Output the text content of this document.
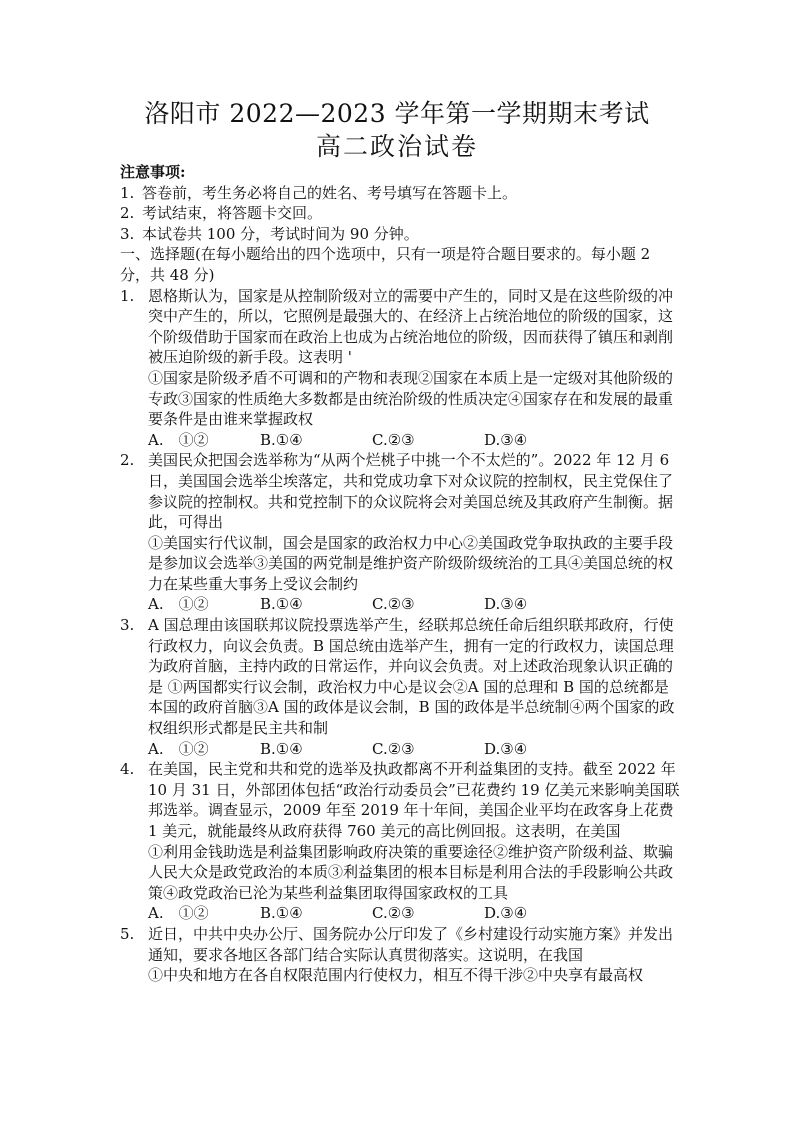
洛阳市 2022—2023 学年第一学期期末考试
高二政治试卷

注意事项:

1. 答卷前，考生务必将自己的姓名、考号填写在答题卡上。

2. 考试结束，将答题卡交回。

3. 本试卷共 100 分，考试时间为 90 分钟。

一、选择题(在每小题给出的四个选项中，只有一项是符合题目要求的。每小题 2 分，共 48 分)

1. 恩格斯认为，国家是从控制阶级对立的需要中产生的，同时又是在这些阶级的冲突中产生的，所以，它照例是最强大的、在经济上占统治地位的阶级的国家，这个阶级借助于国家而在政治上也成为占统治地位的阶级，因而获得了镇压和剥削被压迫阶级的新手段。这表明 '

①国家是阶级矛盾不可调和的产物和表现②国家在本质上是一定级对其他阶级的专政③国家的性质绝大多数都是由统治阶级的性质决定④国家存在和发展的最重要条件是由谁来掌握政权

A.　①②	B.①④	C.②③	D.③④
2. 美国民众把国会选举称为“从两个烂桃子中挑一个不太烂的”。2022 年 12 月 6 日，美国国会选举尘埃落定，共和党成功拿下对众议院的控制权，民主党保住了参议院的控制权。共和党控制下的众议院将会对美国总统及其政府产生制衡。据此，可得出

①美国实行代议制，国会是国家的政治权力中心②美国政党争取执政的主要手段是参加议会选举③美国的两党制是维护资产阶级阶级统治的工具④美国总统的权力在某些重大事务上受议会制约

A.　①②	B.①④	C.②③	D.③④
3. A 国总理由该国联邦议院投票选举产生，经联邦总统任命后组织联邦政府，行使行政权力，向议会负责。B 国总统由选举产生，拥有一定的行政权力，读国总理为政府首脑，主持内政的日常运作，并向议会负责。对上述政治现象认识正确的是 ①两国都实行议会制，政治权力中心是议会②A 国的总理和 B 国的总统都是本国的政府首脑③A 国的政体是议会制，B 国的政体是半总统制④两个国家的政权组织形式都是民主共和制

A.　①②	B.①④	C.②③	D.③④
4. 在美国，民主党和共和党的选举及执政都离不开利益集团的支持。截至 2022 年 10 月 31 日，外部团体包括“政治行动委员会”已花费约 19 亿美元来影响美国联邦选举。调查显示，2009 年至 2019 年十年间，美国企业平均在政客身上花费 1 美元，就能最终从政府获得 760 美元的高比例回报。这表明，在美国

①利用金钱助选是利益集团影响政府决策的重要途径②维护资产阶级利益、欺骗人民大众是政党政治的本质③利益集团的根本目标是利用合法的手段影响公共政策④政党政治已沦为某些利益集团取得国家政权的工具

A.　①②	B.①④	C.②③	D.③④
5. 近日，中共中央办公厅、国务院办公厅印发了《乡村建设行动实施方案》并发出通知，要求各地区各部门结合实际认真贯彻落实。这说明，在我国

①中央和地方在各自权限范围内行使权力，相互不得干涉②中央享有最高权
